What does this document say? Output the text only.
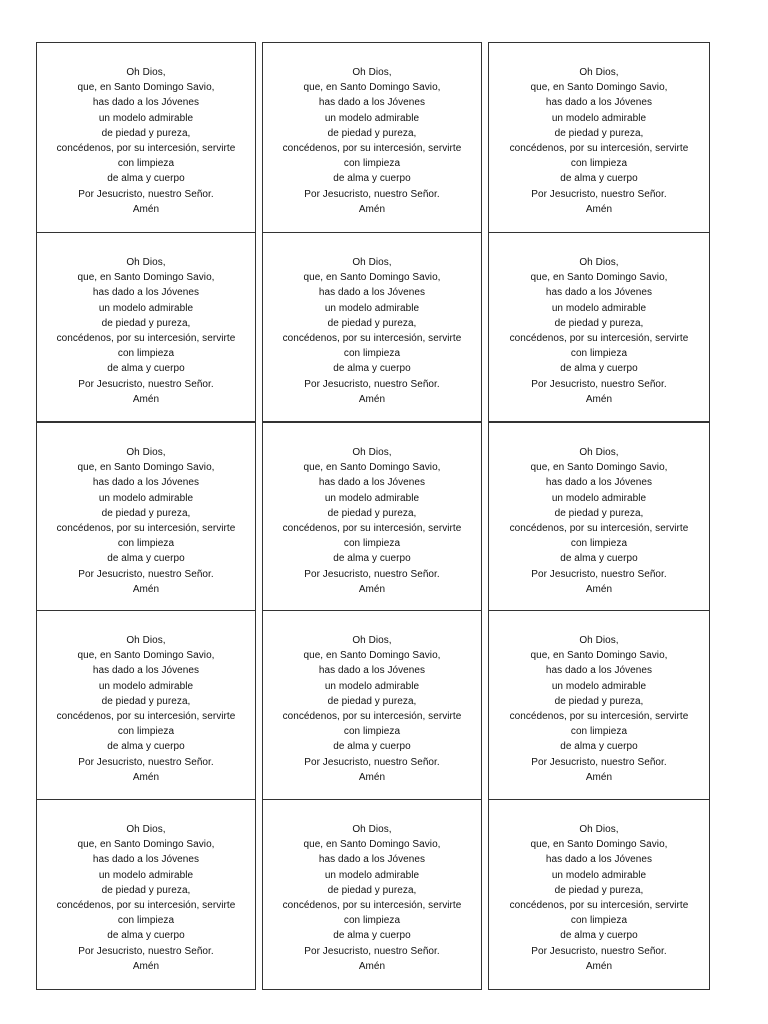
Oh Dios,
que, en Santo Domingo Savio,
has dado a los Jóvenes
un modelo admirable
de piedad y pureza,
concédenos, por su intercesión, servirte
con limpieza
de alma y cuerpo
Por Jesucristo, nuestro Señor.
Amén
Oh Dios,
que, en Santo Domingo Savio,
has dado a los Jóvenes
un modelo admirable
de piedad y pureza,
concédenos, por su intercesión, servirte
con limpieza
de alma y cuerpo
Por Jesucristo, nuestro Señor.
Amén
Oh Dios,
que, en Santo Domingo Savio,
has dado a los Jóvenes
un modelo admirable
de piedad y pureza,
concédenos, por su intercesión, servirte
con limpieza
de alma y cuerpo
Por Jesucristo, nuestro Señor.
Amén
Oh Dios,
que, en Santo Domingo Savio,
has dado a los Jóvenes
un modelo admirable
de piedad y pureza,
concédenos, por su intercesión, servirte
con limpieza
de alma y cuerpo
Por Jesucristo, nuestro Señor.
Amén
Oh Dios,
que, en Santo Domingo Savio,
has dado a los Jóvenes
un modelo admirable
de piedad y pureza,
concédenos, por su intercesión, servirte
con limpieza
de alma y cuerpo
Por Jesucristo, nuestro Señor.
Amén
Oh Dios,
que, en Santo Domingo Savio,
has dado a los Jóvenes
un modelo admirable
de piedad y pureza,
concédenos, por su intercesión, servirte
con limpieza
de alma y cuerpo
Por Jesucristo, nuestro Señor.
Amén
Oh Dios,
que, en Santo Domingo Savio,
has dado a los Jóvenes
un modelo admirable
de piedad y pureza,
concédenos, por su intercesión, servirte
con limpieza
de alma y cuerpo
Por Jesucristo, nuestro Señor.
Amén
Oh Dios,
que, en Santo Domingo Savio,
has dado a los Jóvenes
un modelo admirable
de piedad y pureza,
concédenos, por su intercesión, servirte
con limpieza
de alma y cuerpo
Por Jesucristo, nuestro Señor.
Amén
Oh Dios,
que, en Santo Domingo Savio,
has dado a los Jóvenes
un modelo admirable
de piedad y pureza,
concédenos, por su intercesión, servirte
con limpieza
de alma y cuerpo
Por Jesucristo, nuestro Señor.
Amén
Oh Dios,
que, en Santo Domingo Savio,
has dado a los Jóvenes
un modelo admirable
de piedad y pureza,
concédenos, por su intercesión, servirte
con limpieza
de alma y cuerpo
Por Jesucristo, nuestro Señor.
Amén
Oh Dios,
que, en Santo Domingo Savio,
has dado a los Jóvenes
un modelo admirable
de piedad y pureza,
concédenos, por su intercesión, servirte
con limpieza
de alma y cuerpo
Por Jesucristo, nuestro Señor.
Amén
Oh Dios,
que, en Santo Domingo Savio,
has dado a los Jóvenes
un modelo admirable
de piedad y pureza,
concédenos, por su intercesión, servirte
con limpieza
de alma y cuerpo
Por Jesucristo, nuestro Señor.
Amén
Oh Dios,
que, en Santo Domingo Savio,
has dado a los Jóvenes
un modelo admirable
de piedad y pureza,
concédenos, por su intercesión, servirte
con limpieza
de alma y cuerpo
Por Jesucristo, nuestro Señor.
Amén
Oh Dios,
que, en Santo Domingo Savio,
has dado a los Jóvenes
un modelo admirable
de piedad y pureza,
concédenos, por su intercesión, servirte
con limpieza
de alma y cuerpo
Por Jesucristo, nuestro Señor.
Amén
Oh Dios,
que, en Santo Domingo Savio,
has dado a los Jóvenes
un modelo admirable
de piedad y pureza,
concédenos, por su intercesión, servirte
con limpieza
de alma y cuerpo
Por Jesucristo, nuestro Señor.
Amén
